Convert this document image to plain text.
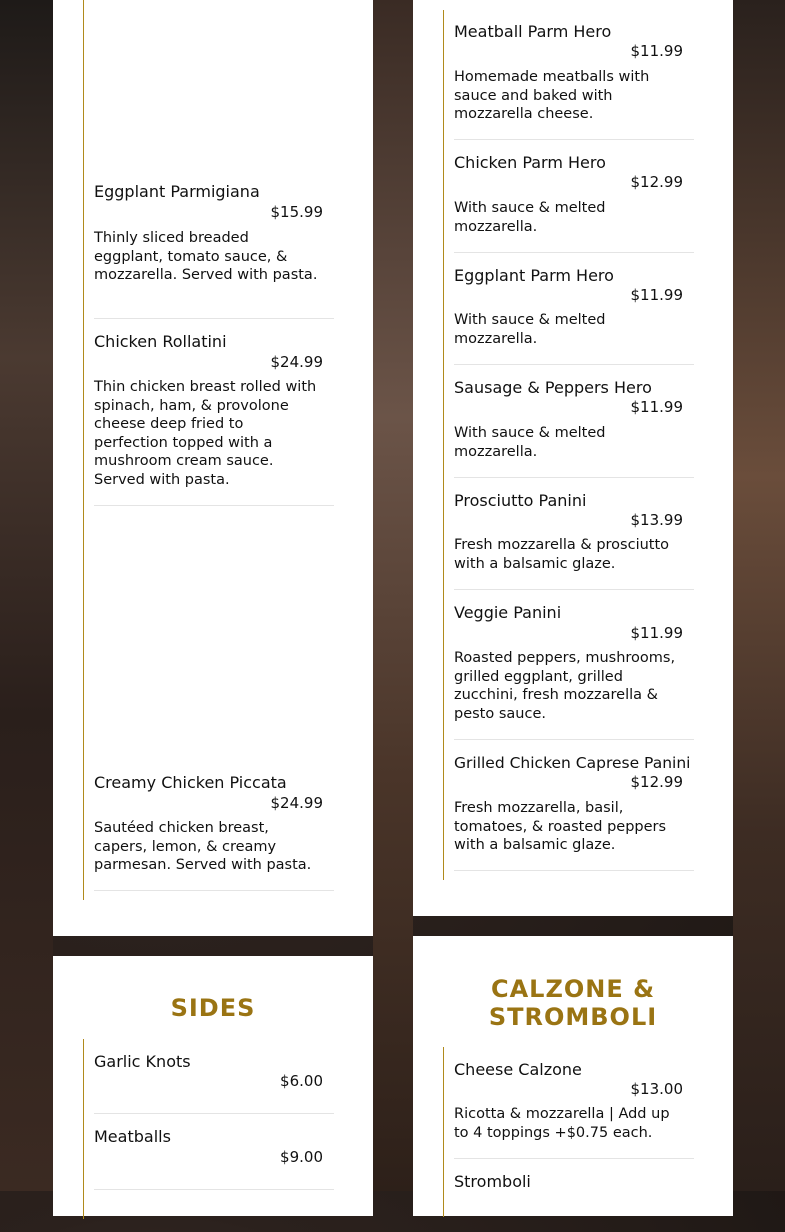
Eggplant Parmigiana
$15.99
Thinly sliced breaded eggplant, tomato sauce, & mozzarella. Served with pasta.
Chicken Rollatini
$24.99
Thin chicken breast rolled with spinach, ham, & provolone cheese deep fried to perfection topped with a mushroom cream sauce. Served with pasta.
Creamy Chicken Piccata
$24.99
Sautéed chicken breast, capers, lemon, & creamy parmesan. Served with pasta.
Meatball Parm Hero
$11.99
Homemade meatballs with sauce and baked with mozzarella cheese.
Chicken Parm Hero
$12.99
With sauce & melted mozzarella.
Eggplant Parm Hero
$11.99
With sauce & melted mozzarella.
Sausage & Peppers Hero
$11.99
With sauce & melted mozzarella.
Prosciutto Panini
$13.99
Fresh mozzarella & prosciutto with a balsamic glaze.
Veggie Panini
$11.99
Roasted peppers, mushrooms, grilled eggplant, grilled zucchini, fresh mozzarella & pesto sauce.
Grilled Chicken Caprese Panini
$12.99
Fresh mozzarella, basil, tomatoes, & roasted peppers with a balsamic glaze.
SIDES
Garlic Knots
$6.00
Meatballs
$9.00
CALZONE &
STROMBOLI
Cheese Calzone
$13.00
Ricotta & mozzarella | Add up to 4 toppings +$0.75 each.
Stromboli
